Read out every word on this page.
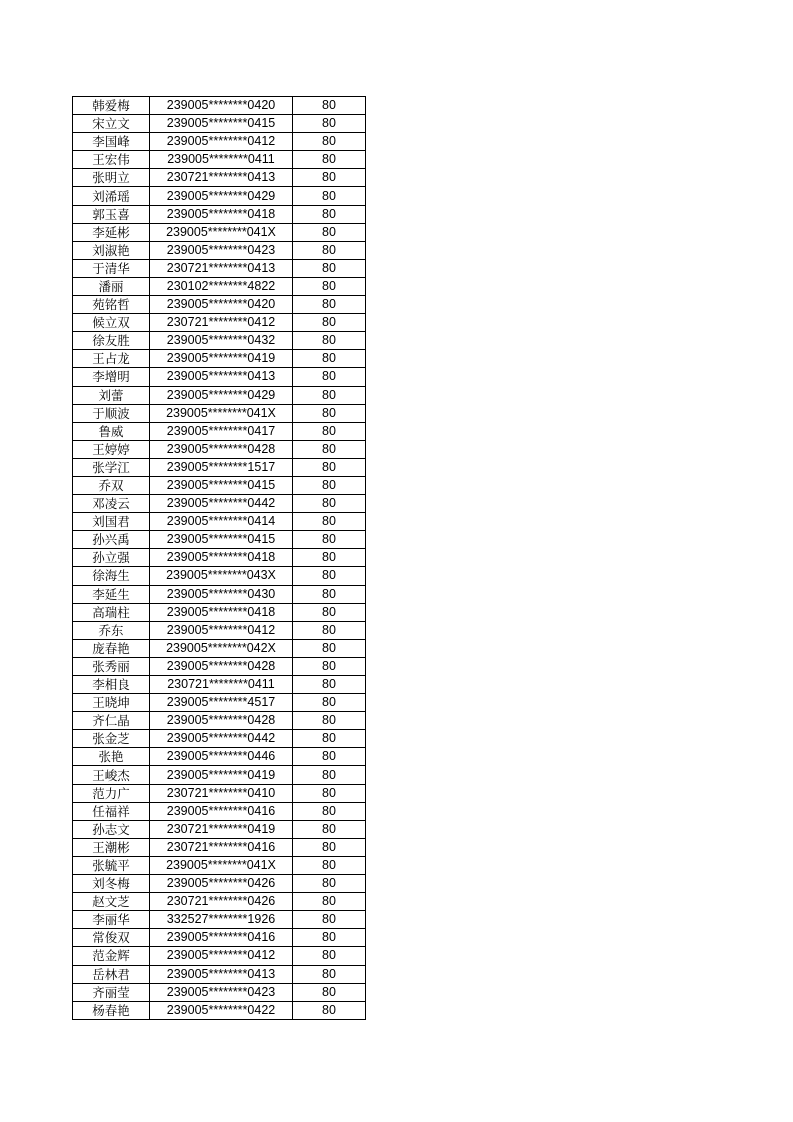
韩爱梅	239005********0420	80
宋立文	239005********0415	80
李国峰	239005********0412	80
王宏伟	239005********0411	80
张明立	230721********0413	80
刘浠瑶	239005********0429	80
郭玉喜	239005********0418	80
李延彬	239005********041X	80
刘淑艳	239005********0423	80
于清华	230721********0413	80
潘丽	230102********4822	80
苑铭哲	239005********0420	80
候立双	230721********0412	80
徐友胜	239005********0432	80
王占龙	239005********0419	80
李增明	239005********0413	80
刘蕾	239005********0429	80
于顺波	239005********041X	80
鲁威	239005********0417	80
王婷婷	239005********0428	80
张学江	239005********1517	80
乔双	239005********0415	80
邓凌云	239005********0442	80
刘国君	239005********0414	80
孙兴禹	239005********0415	80
孙立强	239005********0418	80
徐海生	239005********043X	80
李延生	239005********0430	80
高瑞柱	239005********0418	80
乔东	239005********0412	80
庞春艳	239005********042X	80
张秀丽	239005********0428	80
李相良	230721********0411	80
王晓坤	239005********4517	80
齐仁晶	239005********0428	80
张金芝	239005********0442	80
张艳	239005********0446	80
王峻杰	239005********0419	80
范力广	230721********0410	80
任福祥	239005********0416	80
孙志文	230721********0419	80
王潮彬	230721********0416	80
张毓平	239005********041X	80
刘冬梅	239005********0426	80
赵文芝	230721********0426	80
李丽华	332527********1926	80
常俊双	239005********0416	80
范金辉	239005********0412	80
岳林君	239005********0413	80
齐丽莹	239005********0423	80
杨春艳	239005********0422	80
